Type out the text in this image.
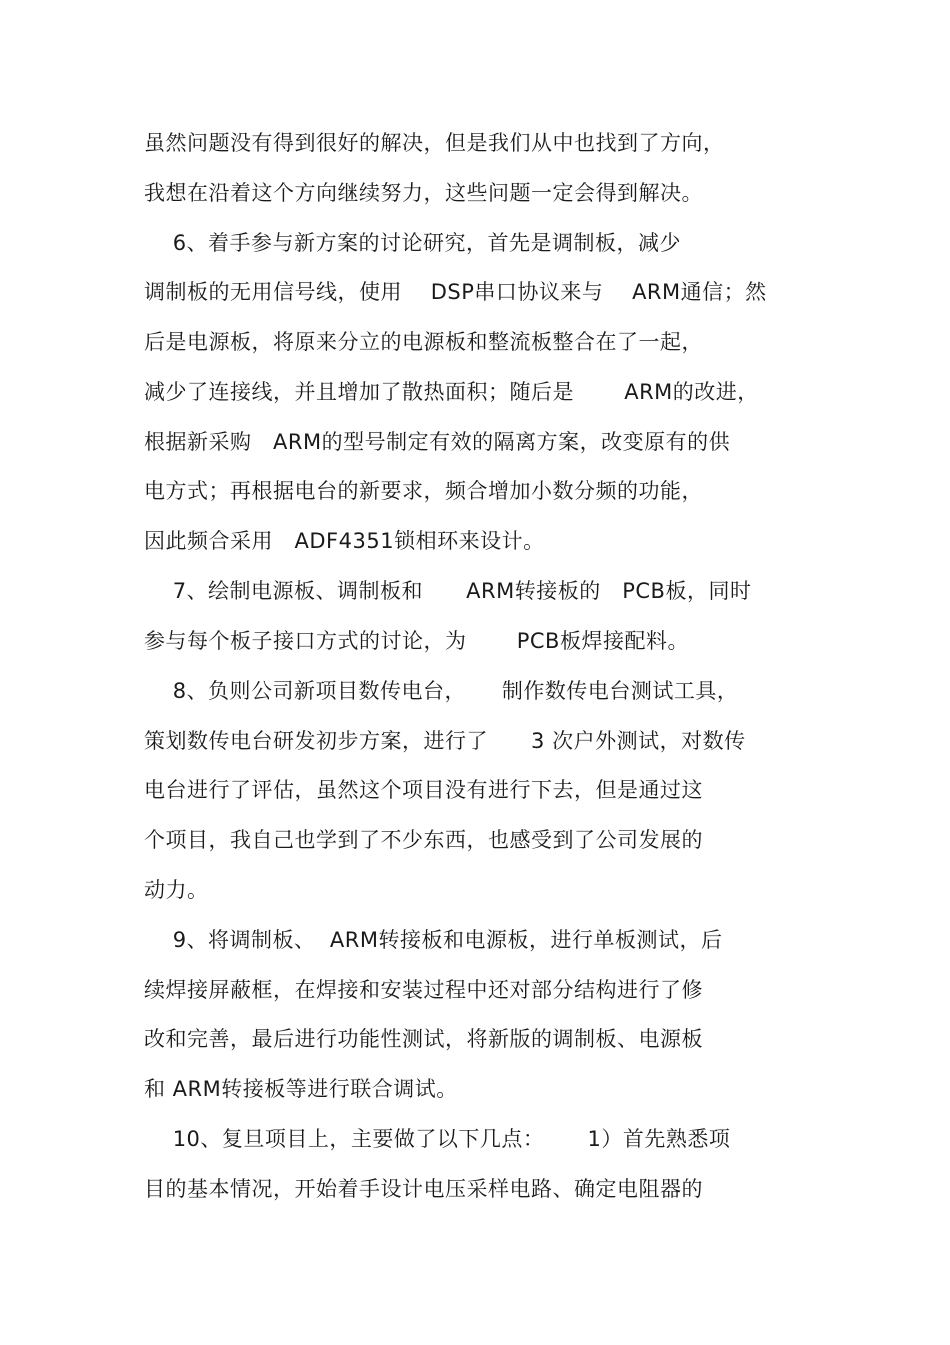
虽然问题没有得到很好的解决，但是我们从中也找到了方向，
我想在沿着这个方向继续努力，这些问题一定会得到解决。
6、着手参与新方案的讨论研究，首先是调制板，减少
调制板的无用信号线，使用    DSP串口协议来与    ARM通信；然
后是电源板，将原来分立的电源板和整流板整合在了一起，
减少了连接线，并且增加了散热面积；随后是       ARM的改进，
根据新采购   ARM的型号制定有效的隔离方案，改变原有的供
电方式；再根据电台的新要求，频合增加小数分频的功能，
因此频合采用   ADF4351锁相环来设计。
7、绘制电源板、调制板和      ARM转接板的   PCB板，同时
参与每个板子接口方式的讨论，为       PCB板焊接配料。
8、负则公司新项目数传电台，     制作数传电台测试工具，
策划数传电台研发初步方案，进行了      3 次户外测试，对数传
电台进行了评估，虽然这个项目没有进行下去，但是通过这
个项目，我自己也学到了不少东西，也感受到了公司发展的
动力。
9、将调制板、  ARM转接板和电源板，进行单板测试，后
续焊接屏蔽框，在焊接和安装过程中还对部分结构进行了修
改和完善，最后进行功能性测试，将新版的调制板、电源板
和 ARM转接板等进行联合调试。
10、复旦项目上，主要做了以下几点：      1）首先熟悉项
目的基本情况，开始着手设计电压采样电路、确定电阻器的
